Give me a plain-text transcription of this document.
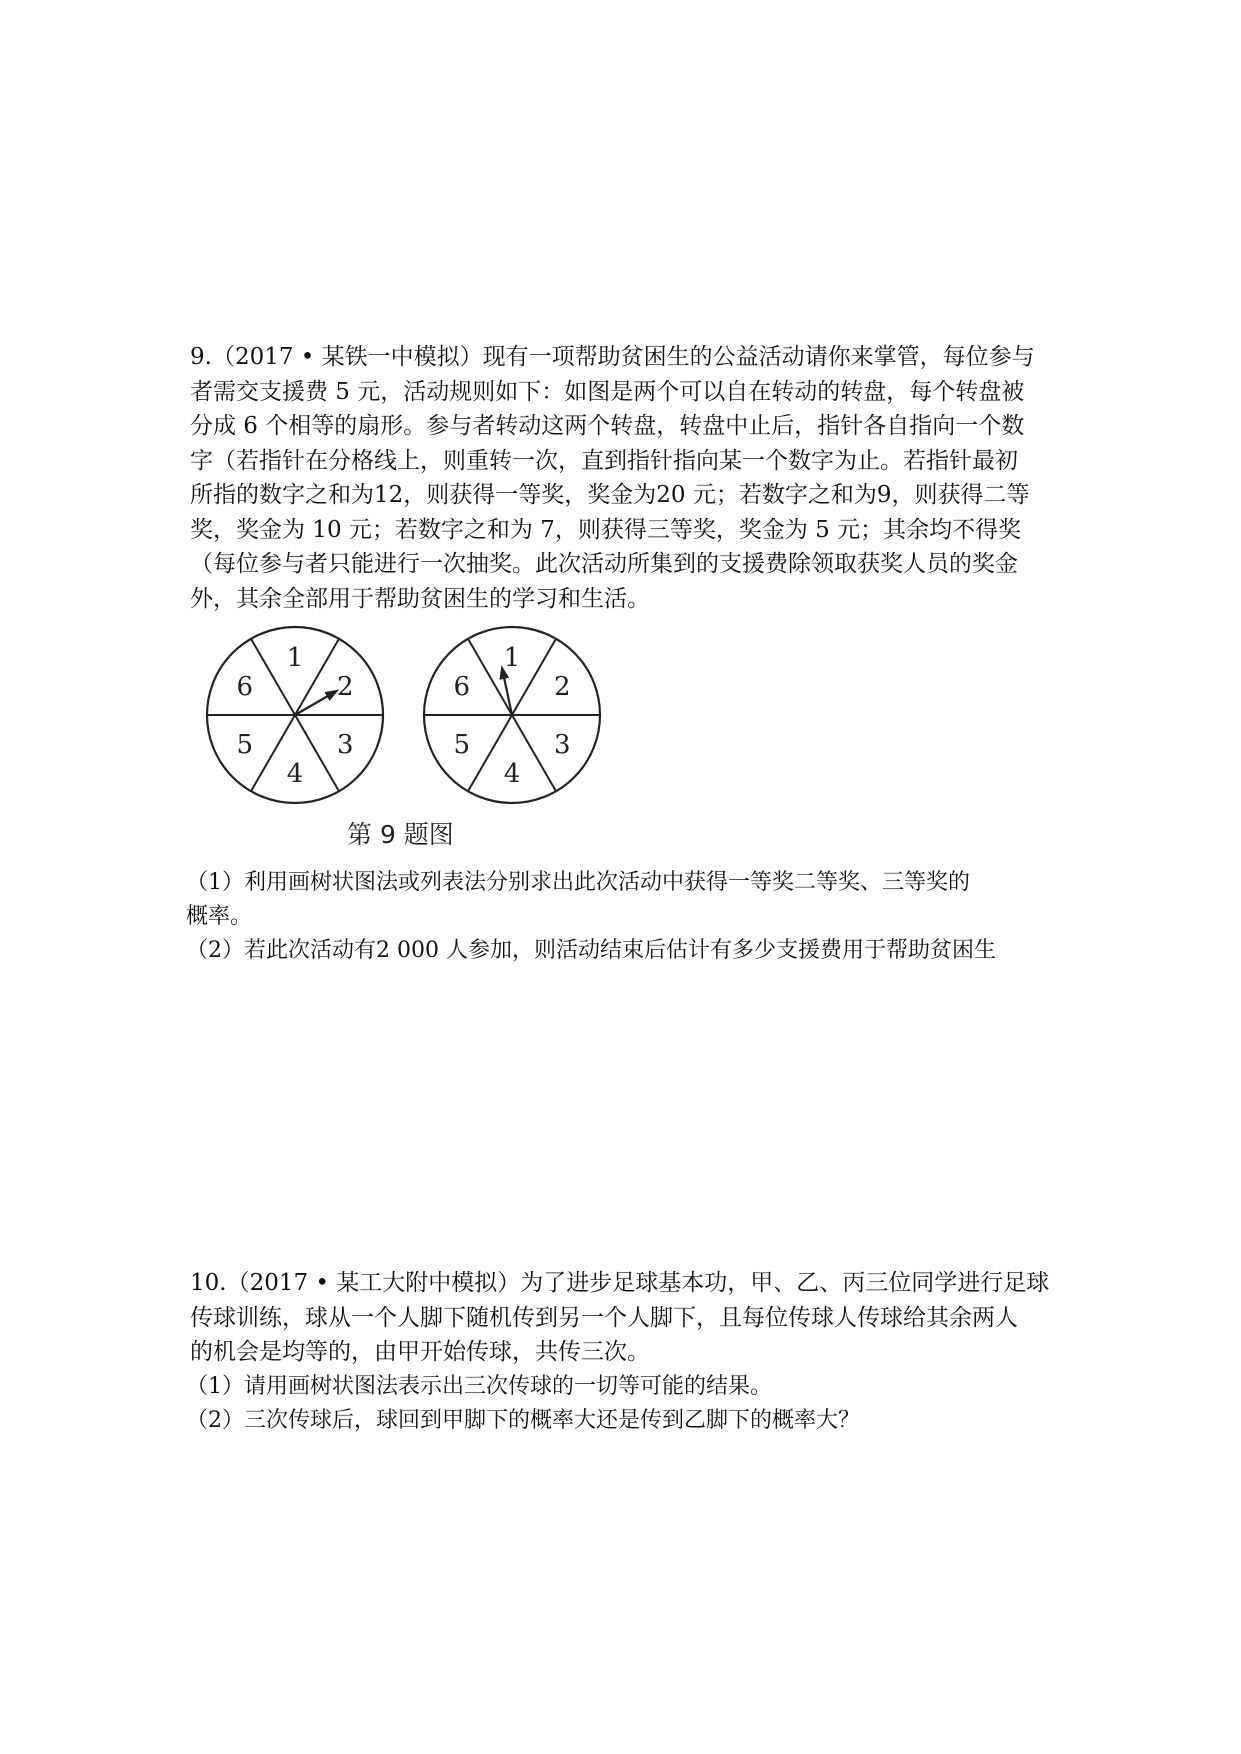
9.（2017 • 某铁一中模拟）现有一项帮助贫困生的公益活动请你来掌管，每位参与
者需交支援费 5 元，活动规则如下：如图是两个可以自在转动的转盘，每个转盘被
分成 6 个相等的扇形。参与者转动这两个转盘，转盘中止后，指针各自指向一个数
字（若指针在分格线上，则重转一次，直到指针指向某一个数字为止。若指针最初
所指的数字之和为12，则获得一等奖，奖金为20 元；若数字之和为9，则获得二等
奖，奖金为 10 元；若数字之和为 7，则获得三等奖，奖金为 5 元；其余均不得奖
（每位参与者只能进行一次抽奖。此次活动所集到的支援费除领取获奖人员的奖金
外，其余全部用于帮助贫困生的学习和生活。
1
2
3
4
5
6
1
2
3
4
5
6
第 9 题图
（1）利用画树状图法或列表法分别求出此次活动中获得一等奖二等奖、三等奖的
概率。
（2）若此次活动有2 000 人参加，则活动结束后估计有多少支援费用于帮助贫困生
10.（2017 • 某工大附中模拟）为了进步足球基本功，甲、乙、丙三位同学进行足球
传球训练，球从一个人脚下随机传到另一个人脚下，且每位传球人传球给其余两人
的机会是均等的，由甲开始传球，共传三次。
（1）请用画树状图法表示出三次传球的一切等可能的结果。
（2）三次传球后，球回到甲脚下的概率大还是传到乙脚下的概率大？
